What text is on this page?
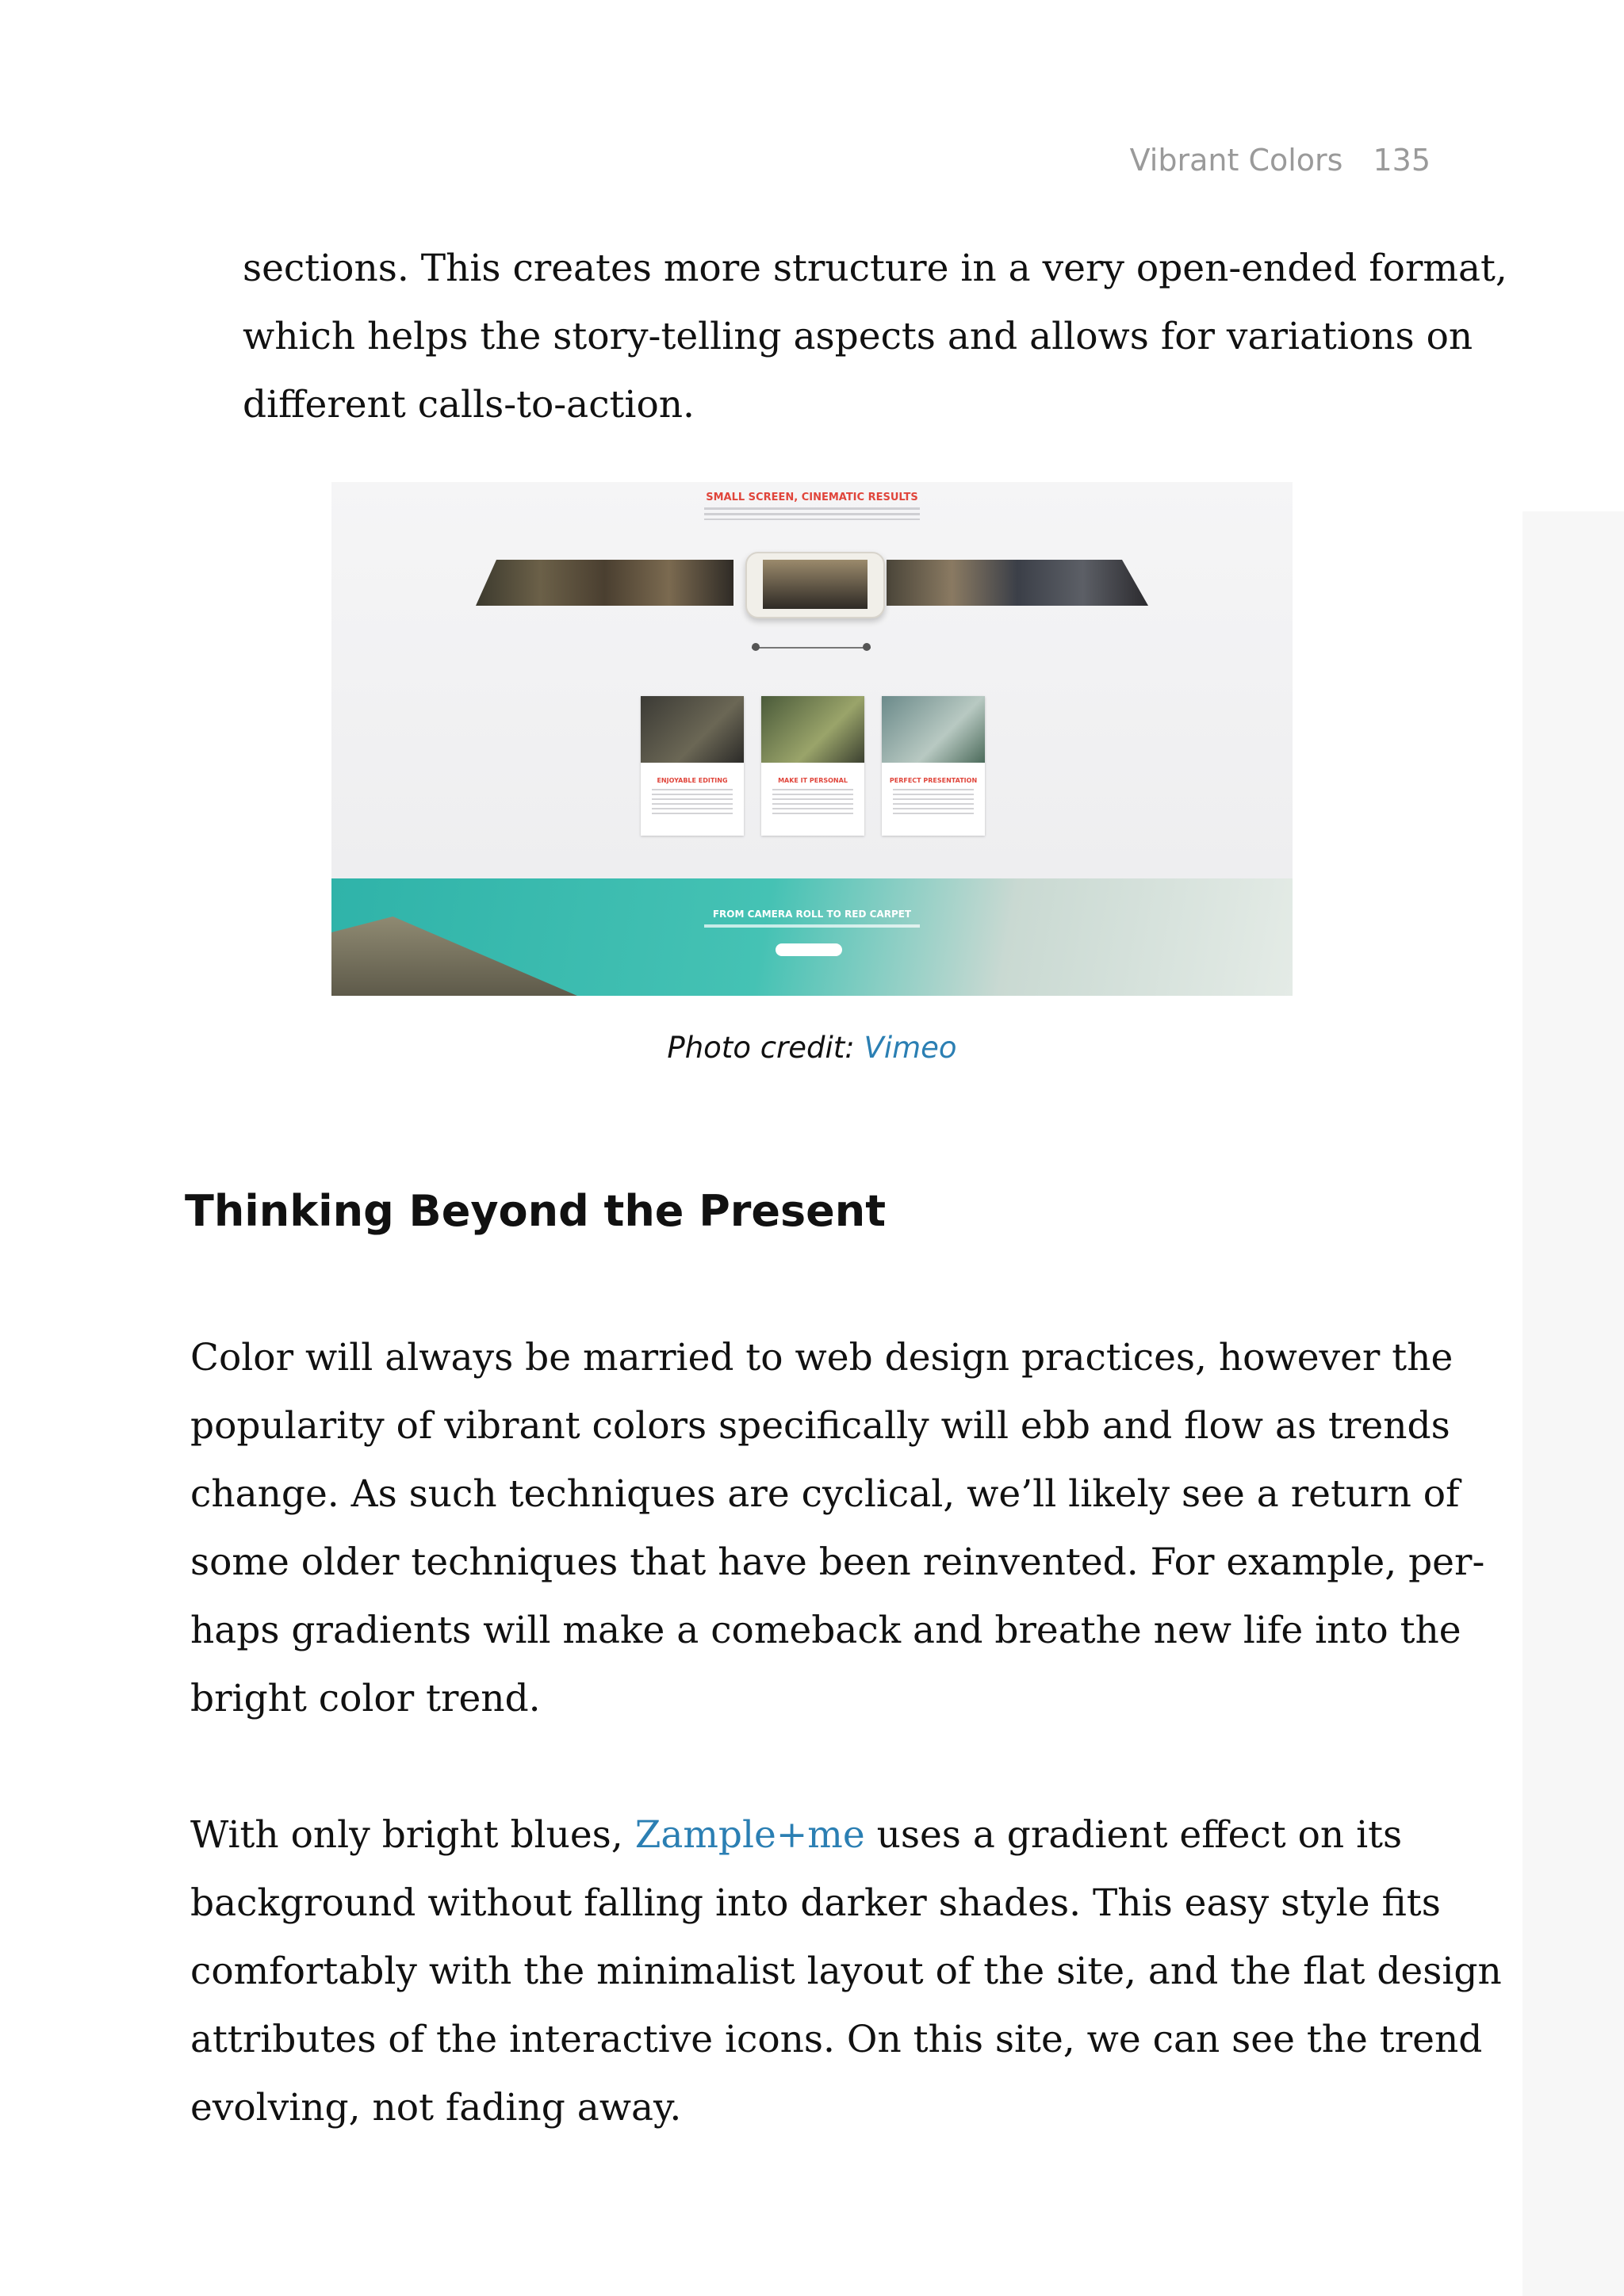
Vibrant Colors 135

sections. This creates more structure in a very open-ended format,
which helps the story-telling aspects and allows for variations on
different calls-to-action.

SMALL SCREEN, CINEMATIC RESULTS
ENJOYABLE EDITING	MAKE IT PERSONAL	PERFECT PRESENTATION
FROM CAMERA ROLL TO RED CARPET
Photo credit: Vimeo
Thinking Beyond the Present

Color will always be married to web design practices, however the
popularity of vibrant colors specifically will ebb and flow as trends
change. As such techniques are cyclical, we’ll likely see a return of
some older techniques that have been reinvented. For example, per-
haps gradients will make a comeback and breathe new life into the
bright color trend.

With only bright blues, Zample+me uses a gradient effect on its
background without falling into darker shades. This easy style fits
comfortably with the minimalist layout of the site, and the flat design
attributes of the interactive icons. On this site, we can see the trend
evolving, not fading away.
